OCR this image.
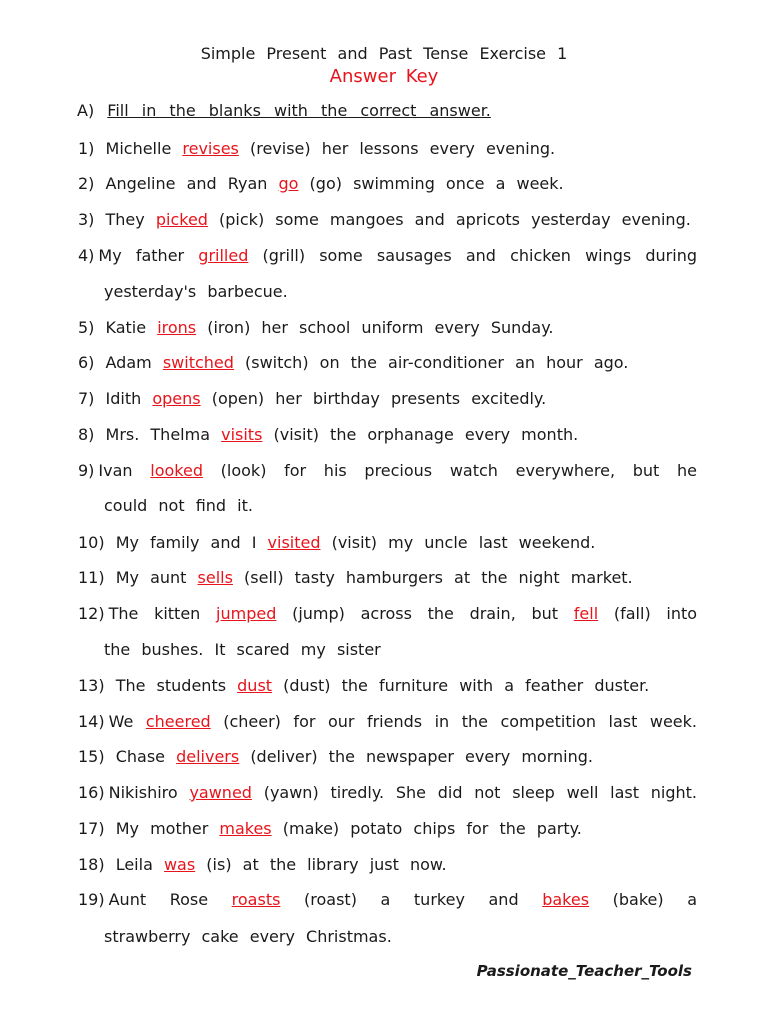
Simple Present and Past Tense Exercise 1
Answer Key
A) Fill in the blanks with the correct answer.
1) Michelle revises (revise) her lessons every evening.
2) Angeline and Ryan go (go) swimming once a week.
3) They picked (pick) some mangoes and apricots yesterday evening.
4) My father grilled (grill) some sausages and chicken wings during
yesterday's barbecue.
5) Katie irons (iron) her school uniform every Sunday.
6) Adam switched (switch) on the air-conditioner an hour ago.
7) Idith opens (open) her birthday presents excitedly.
8) Mrs. Thelma visits (visit) the orphanage every month.
9) Ivan looked (look) for his precious watch everywhere, but he
could not find it.
10) My family and I visited (visit) my uncle last weekend.
11) My aunt sells (sell) tasty hamburgers at the night market.
12) The kitten jumped (jump) across the drain, but fell (fall) into
the bushes. It scared my sister
13) The students dust (dust) the furniture with a feather duster.
14) We cheered (cheer) for our friends in the competition last week.
15) Chase delivers (deliver) the newspaper every morning.
16) Nikishiro yawned (yawn) tiredly. She did not sleep well last night.
17) My mother makes (make) potato chips for the party.
18) Leila was (is) at the library just now.
19) Aunt Rose roasts (roast) a turkey and bakes (bake) a
strawberry cake every Christmas.
Passionate_Teacher_Tools
